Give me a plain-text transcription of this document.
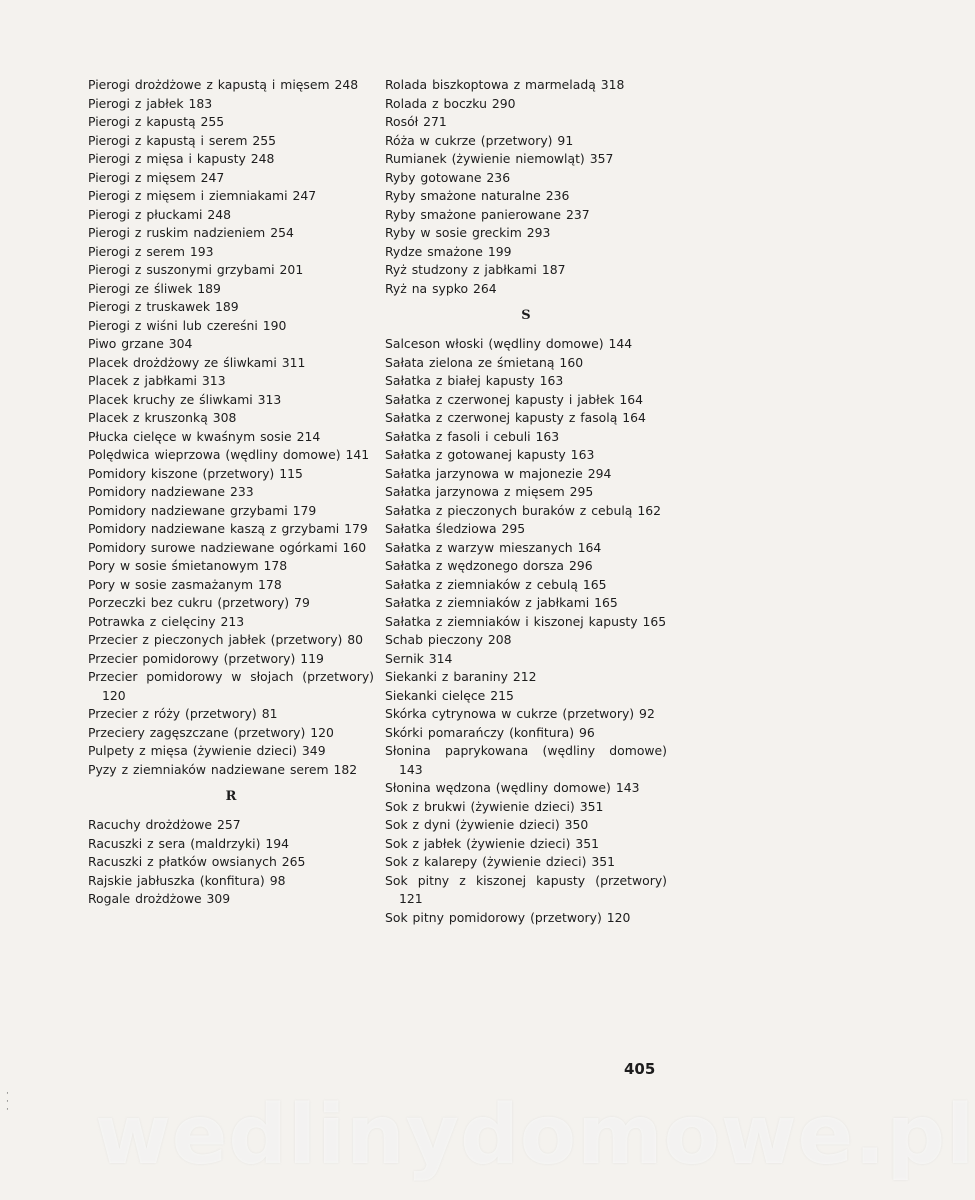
Pierogi drożdżowe z kapustą i mięsem 248
Pierogi z jabłek 183
Pierogi z kapustą 255
Pierogi z kapustą i serem 255
Pierogi z mięsa i kapusty 248
Pierogi z mięsem 247
Pierogi z mięsem i ziemniakami 247
Pierogi z płuckami 248
Pierogi z ruskim nadzieniem 254
Pierogi z serem 193
Pierogi z suszonymi grzybami 201
Pierogi ze śliwek 189
Pierogi z truskawek 189
Pierogi z wiśni lub czereśni 190
Piwo grzane 304
Placek drożdżowy ze śliwkami 311
Placek z jabłkami 313
Placek kruchy ze śliwkami 313
Placek z kruszonką 308
Płucka cielęce w kwaśnym sosie 214
Polędwica wieprzowa (wędliny domowe) 141
Pomidory kiszone (przetwory) 115
Pomidory nadziewane 233
Pomidory nadziewane grzybami 179
Pomidory nadziewane kaszą z grzybami 179
Pomidory surowe nadziewane ogórkami 160
Pory w sosie śmietanowym 178
Pory w sosie zasmażanym 178
Porzeczki bez cukru (przetwory) 79
Potrawka z cielęciny 213
Przecier z pieczonych jabłek (przetwory) 80
Przecier pomidorowy (przetwory) 119
Przecier pomidorowy w słojach (przetwory) 120
Przecier z róży (przetwory) 81
Przeciery zagęszczane (przetwory) 120
Pulpety z mięsa (żywienie dzieci) 349
Pyzy z ziemniaków nadziewane serem 182
R
Racuchy drożdżowe 257
Racuszki z sera (maldrzyki) 194
Racuszki z płatków owsianych 265
Rajskie jabłuszka (konfitura) 98
Rogale drożdżowe 309
Rolada biszkoptowa z marmeladą 318
Rolada z boczku 290
Rosół 271
Róża w cukrze (przetwory) 91
Rumianek (żywienie niemowląt) 357
Ryby gotowane 236
Ryby smażone naturalne 236
Ryby smażone panierowane 237
Ryby w sosie greckim 293
Rydze smażone 199
Ryż studzony z jabłkami 187
Ryż na sypko 264
S
Salceson włoski (wędliny domowe) 144
Sałata zielona ze śmietaną 160
Sałatka z białej kapusty 163
Sałatka z czerwonej kapusty i jabłek 164
Sałatka z czerwonej kapusty z fasolą 164
Sałatka z fasoli i cebuli 163
Sałatka z gotowanej kapusty 163
Sałatka jarzynowa w majonezie 294
Sałatka jarzynowa z mięsem 295
Sałatka z pieczonych buraków z cebulą 162
Sałatka śledziowa 295
Sałatka z warzyw mieszanych 164
Sałatka z wędzonego dorsza 296
Sałatka z ziemniaków z cebulą 165
Sałatka z ziemniaków z jabłkami 165
Sałatka z ziemniaków i kiszonej kapusty 165
Schab pieczony 208
Sernik 314
Siekanki z baraniny 212
Siekanki cielęce 215
Skórka cytrynowa w cukrze (przetwory) 92
Skórki pomarańczy (konfitura) 96
Słonina paprykowana (wędliny domowe) 143
Słonina wędzona (wędliny domowe) 143
Sok z brukwi (żywienie dzieci) 351
Sok z dyni (żywienie dzieci) 350
Sok z jabłek (żywienie dzieci) 351
Sok z kalarepy (żywienie dzieci) 351
Sok pitny z kiszonej kapusty (przetwory) 121
Sok pitny pomidorowy (przetwory) 120
405
wedlinydomowe.pl
·
·
·
